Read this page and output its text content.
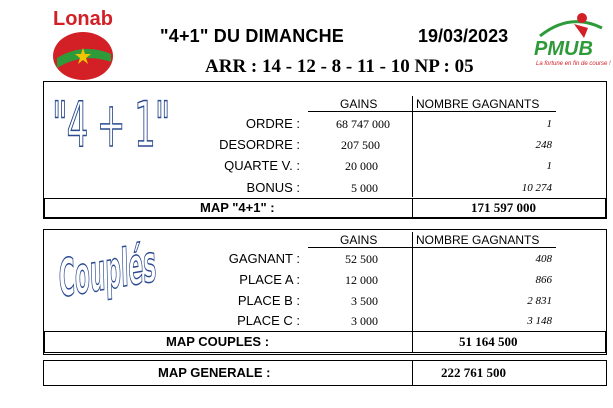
Lonab
"4+1" DU DIMANCHE	19/03/2023
PMUB
La fortune en fin de course !
ARR : 14 - 12 - 8 - 11 - 10 NP : 05
"4 + 1"	GAINS	NOMBRE GAGNANTS
ORDRE :	68 747 000	1
DESORDRE :	207 500	248
QUARTE V. :	20 000	1
BONUS :	5 000	10 274
MAP "4+1" :	171 597 000
Couplés	GAINS	NOMBRE GAGNANTS
GAGNANT :	52 500	408
PLACE A :	12 000	866
PLACE B :	3 500	2 831
PLACE C :	3 000	3 148
MAP COUPLES :	51 164 500
MAP GENERALE :	222 761 500
